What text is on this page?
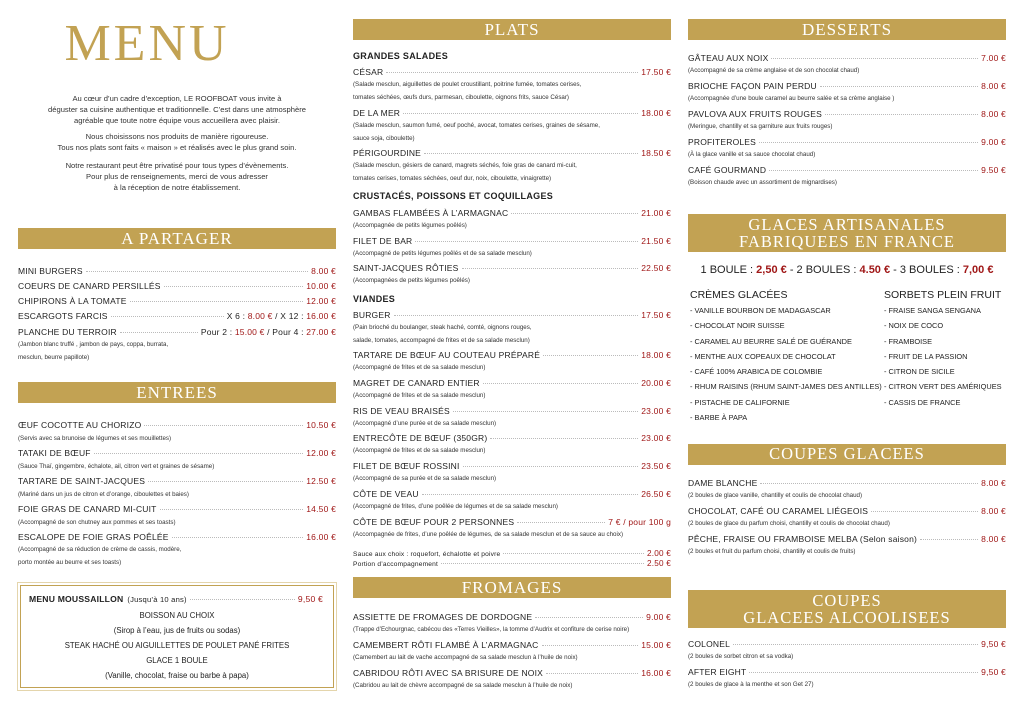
MENU
Au cœur d’un cadre d’exception, LE ROOFBOAT vous invite à
déguster sa cuisine authentique et traditionnelle. C’est dans une atmosphère
agréable que toute notre équipe vous accueillera avec plaisir.
Nous choisissons nos produits de manière rigoureuse.
Tous nos plats sont faits « maison » et réalisés avec le plus grand soin.
Notre restaurant peut être privatisé pour tous types d’évènements.
Pour plus de renseignements, merci de vous adresser
à la réception de notre établissement.
A PARTAGER
MINI BURGERS	8.00 €
COEURS DE CANARD PERSILLÉS	10.00 €
CHIPIRONS À LA TOMATE	12.00 €
ESCARGOTS FARCIS	X 6 : 8.00 € / X 12 : 16.00 €
PLANCHE DU TERROIR	Pour 2 : 15.00 € / Pour 4 : 27.00 €
(Jambon blanc truffé , jambon de pays, coppa, burrata,
mesclun, beurre papillote)
ENTREES
ŒUF COCOTTE AU CHORIZO	10.50 €
(Servis avec sa brunoise de légumes et ses mouillettes)
TATAKI DE BŒUF	12.00 €
(Sauce Thaï, gingembre, échalote, ail, citron vert et graines de sésame)
TARTARE DE SAINT-JACQUES	12.50 €
(Mariné dans un jus de citron et d’orange, ciboulettes et baies)
FOIE GRAS DE CANARD MI-CUIT	14.50 €
(Accompagné de son chutney aux pommes et ses toasts)
ESCALOPE DE FOIE GRAS POÊLÉE	16.00 €
(Accompagné de sa réduction de crème de cassis, modère,
porto montée au beurre et ses toasts)
MENU MOUSSAILLON (Jusqu’à 10 ans)	9,50 €
BOISSON AU CHOIX
(Sirop à l’eau, jus de fruits ou sodas)
STEAK HACHÉ OU AIGUILLETTES DE POULET PANÉ FRITES
GLACE 1 BOULE
(Vanille, chocolat, fraise ou barbe à papa)
PLATS
GRANDES SALADES
CÉSAR	17.50 €
(Salade mesclun, aiguillettes de poulet croustillant, poitrine fumée, tomates cerises,
tomates séchées, œufs durs, parmesan, ciboulette, oignons frits, sauce César)
DE LA MER	18.00 €
(Salade mesclun, saumon fumé, oeuf poché, avocat, tomates cerises, graines de sésame,
sauce soja, ciboulette)
PÉRIGOURDINE	18.50 €
(Salade mesclun, gésiers de canard, magrets séchés, foie gras de canard mi-cuit,
tomates cerises, tomates séchées, oeuf dur, noix, ciboulette, vinaigrette)
CRUSTACÉS, POISSONS ET COQUILLAGES
GAMBAS FLAMBÉES À L’ARMAGNAC	21.00 €
(Accompagnée de petits légumes poêlés)
FILET DE BAR	21.50 €
(Accompagné de petits légumes poêlés et de sa salade mesclun)
SAINT-JACQUES RÔTIES	22.50 €
(Accompagnées de petits légumes poêlés)
VIANDES
BURGER	17.50 €
(Pain brioché du boulanger, steak haché, comté, oignons rouges,
salade, tomates, accompagné de frites et de sa salade mesclun)
TARTARE DE BŒUF AU COUTEAU PRÉPARÉ	18.00 €
(Accompagné de frites et de sa salade mesclun)
MAGRET DE CANARD ENTIER	20.00 €
(Accompagné de frites et de sa salade mesclun)
RIS DE VEAU BRAISÉS	23.00 €
(Accompagné d’une purée et de sa salade mesclun)
ENTRECÔTE DE BŒUF (350GR)	23.00 €
(Accompagné de frites et de sa salade mesclun)
FILET DE BŒUF ROSSINI	23.50 €
(Accompagné de sa purée et de sa salade mesclun)
CÔTE DE VEAU	26.50 €
(Accompagné de frites, d’une poêlée de légumes et de sa salade mesclun)
CÔTE DE BŒUF POUR 2 PERSONNES	7 € / pour 100 g
(Accompagnée de frites, d’une poêlée de légumes, de sa salade mesclun et de sa sauce au choix)
Sauce aux choix : roquefort, échalotte et poivre	2.00 €
Portion d’accompagnement	2.50 €
FROMAGES
ASSIETTE DE FROMAGES DE DORDOGNE	9.00 €
(Trappe d’Echourgnac, cabécou des «Terres Vieilles», la tomme d’Audrix et confiture de cerise noire)
CAMEMBERT RÔTI FLAMBÉ À L’ARMAGNAC	15.00 €
(Camembert au lait de vache accompagné de sa salade mesclun à l’huile de noix)
CABRIDOU RÔTI AVEC SA BRISURE DE NOIX	16.00 €
(Cabridou au lait de chèvre accompagné de sa salade mesclun à l’huile de noix)
DESSERTS
GÂTEAU AUX NOIX	7.00 €
(Accompagné de sa crème anglaise et de son chocolat chaud)
BRIOCHE FAÇON PAIN PERDU	8.00 €
(Accompagnée d’une boule caramel au beurre salée et sa crème anglaise )
PAVLOVA AUX FRUITS ROUGES	8.00 €
(Meringue, chantilly et sa garniture aux fruits rouges)
PROFITEROLES	9.00 €
(À la glace vanille et sa sauce chocolat chaud)
CAFÉ GOURMAND	9.50 €
(Boisson chaude avec un assortiment de mignardises)
GLACES ARTISANALES
FABRIQUEES EN FRANCE
1 BOULE : 2,50 € - 2 BOULES : 4.50 € - 3 BOULES : 7,00 €
CRÈMES GLACÉES
- VANILLE BOURBON DE MADAGASCAR
- CHOCOLAT NOIR SUISSE
- CARAMEL AU BEURRE SALÉ DE GUÉRANDE
- MENTHE AUX COPEAUX DE CHOCOLAT
- CAFÉ 100% ARABICA DE COLOMBIE
- RHUM RAISINS (RHUM SAINT-JAMES DES ANTILLES)
- PISTACHE DE CALIFORNIE
- BARBE À PAPA
SORBETS PLEIN FRUIT
- FRAISE SANGA SENGANA
- NOIX DE COCO
- FRAMBOISE
- FRUIT DE LA PASSION
- CITRON DE SICILE
- CITRON VERT DES AMÉRIQUES
- CASSIS DE FRANCE
COUPES GLACEES
DAME BLANCHE	8.00 €
(2 boules de glace vanille, chantilly et coulis de chocolat chaud)
CHOCOLAT, CAFÉ OU CARAMEL LIÉGEOIS	8.00 €
(2 boules de glace du parfum choisi, chantilly et coulis de chocolat chaud)
PÊCHE, FRAISE OU FRAMBOISE MELBA (Selon saison)	8.00 €
(2 boules et fruit du parfum choisi, chantilly et coulis de fruits)
COUPES
GLACEES ALCOOLISEES
COLONEL	9,50 €
(2 boules de sorbet citron et sa vodka)
AFTER EIGHT	9,50 €
(2 boules de glace à la menthe et son Get 27)
